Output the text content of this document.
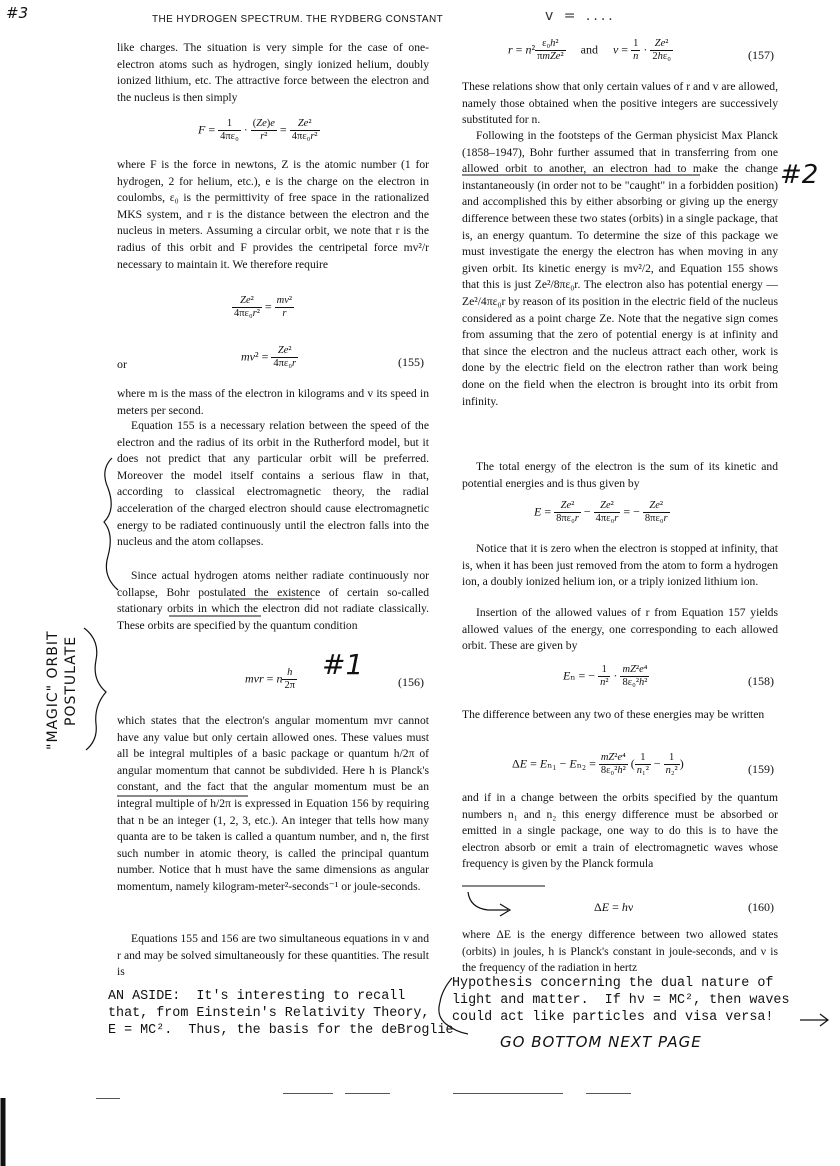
#3	THE HYDROGEN SPECTRUM. THE RYDBERG CONSTANT	v = ....
like charges. The situation is very simple for the case of one-electron atoms such as hydrogen, singly ionized helium, doubly ionized lithium, etc. The attractive force between the electron and the nucleus is then simply
$F = \frac{1}{\text{4πε₀}} \cdot \frac{(Ze)e}{\text{r²}} = \frac{\text{Ze²}}{\text{4πε₀r²}}$
where F is the force in newtons, Z is the atomic number (1 for hydrogen, 2 for helium, etc.), e is the charge on the electron in coulombs, ε₀ is the permittivity of free space in the rationalized MKS system, and r is the distance between the electron and the nucleus in meters. Assuming a circular orbit, we note that r is the radius of this orbit and F provides the centripetal force mv²/r necessary to maintain it. We therefore require
$\frac{\text{Ze²}}{\text{4πε₀r²}} = \frac{\text{mv²}}{r}$
or
$mv^2 = \frac{\text{Ze²}}{\text{4πε₀r}}$	(155)
where m is the mass of the electron in kilograms and v its speed in meters per second.
Equation 155 is a necessary relation between the speed of the electron and the radius of its orbit in the Rutherford model, but it does not predict that any particular orbit will be preferred. Moreover the model itself contains a serious flaw in that, according to classical electromagnetic theory, the radial acceleration of the charged electron should cause electromagnetic energy to be radiated continuously until the electron falls into the nucleus and the atom collapses.
Since actual hydrogen atoms neither radiate continuously nor collapse, Bohr postulated the existence of certain so-called stationary orbits in which the electron did not radiate classically. These orbits are specified by the quantum condition
mvr = n $\frac{h}{2\pi}$	(156)
which states that the electron's angular momentum mvr cannot have any value but only certain allowed ones. These values must all be integral multiples of a basic package or quantum h/2π of angular momentum that cannot be subdivided. Here h is Planck's constant, and the fact that the angular momentum must be an integral multiple of h/2π is expressed in Equation 156 by requiring that n be an integer (1, 2, 3, etc.). An integer that tells how many quanta are to be taken is called a quantum number, and n, the first such number in atomic theory, is called the principal quantum number. Notice that h must have the same dimensions as angular momentum, namely kilogram-meter²-seconds⁻¹ or joule-seconds.
Equations 155 and 156 are two simultaneous equations in v and r and may be solved simultaneously for these quantities. The result is
$r = n^2 \frac{\text{ε₀h²}}{\text{πmZe²}}$ and     $v = \frac{1}{n} \cdot \frac{\text{Ze²}}{\text{2hε₀}}$	(157)
These relations show that only certain values of r and v are allowed, namely those obtained when the positive integers are successively substituted for n.
Following in the footsteps of the German physicist Max Planck (1858–1947), Bohr further assumed that in transferring from one allowed orbit to another, an electron had to make the change instantaneously (in order not to be "caught" in a forbidden position) and accomplished this by either absorbing or giving up the energy difference between these two states (orbits) in a single package, that is, an energy quantum. To determine the size of this package we must investigate the energy the electron has when moving in any given orbit. Its kinetic energy is mv²/2, and Equation 155 shows that this is just Ze²/8πε₀r. The electron also has potential energy — Ze²/4πε₀r by reason of its position in the electric field of the nucleus considered as a point charge Ze. Note that the negative sign comes from assuming that the zero of potential energy is at infinity and that since the electron and the nucleus attract each other, work is done by the electric field on the electron rather than work being done on the field when the electron is brought into its orbit from infinity.
The total energy of the electron is the sum of its kinetic and potential energies and is thus given by
$E = \frac{\text{Ze²}}{\text{8πε₀r}} - \frac{\text{Ze²}}{\text{4πε₀r}}$ = − $\frac{\text{Ze²}}{\text{8πε₀r}}$
Notice that it is zero when the electron is stopped at infinity, that is, when it has been just removed from the atom to form a hydrogen ion, a doubly ionized helium ion, or a triply ionized lithium ion.
Insertion of the allowed values of r from Equation 157 yields allowed values of the energy, one corresponding to each allowed orbit. These are given by
Eₙ = − $\frac{1}{\text{n²}} \cdot \frac{\text{mZ²e⁴}}{\text{8ε₀²h²}}$	(158)
The difference between any two of these energies may be written
$\Delta E = E_{n1} - E_{n2} = \frac{\text{mZ²e⁴}}{\text{8ε₀²h²}}$ ( $\frac{1}{\text{n₁²}} - \frac{1}{\text{n₂²}}$ )	(159)
and if in a change between the orbits specified by the quantum numbers n₁ and n₂ this energy difference must be absorbed or emitted in a single package, one way to do this is to have the electron absorb or emit a train of electromagnetic waves whose frequency is given by the Planck formula
ΔE = hν	(160)
where ΔE is the energy difference between two allowed states (orbits) in joules, h is Planck's constant in joule-seconds, and ν is the frequency of the radiation in hertz
#1
#2
"MAGIC" ORBIT POSTULATE
AN ASIDE:  It's interesting to recall
that, from Einstein's Relativity Theory,
E = MC².  Thus, the basis for the deBroglie
Hypothesis concerning the dual nature of
light and matter.  If hν = MC², then waves
could act like particles and visa versa!
GO BOTTOM NEXT PAGE
